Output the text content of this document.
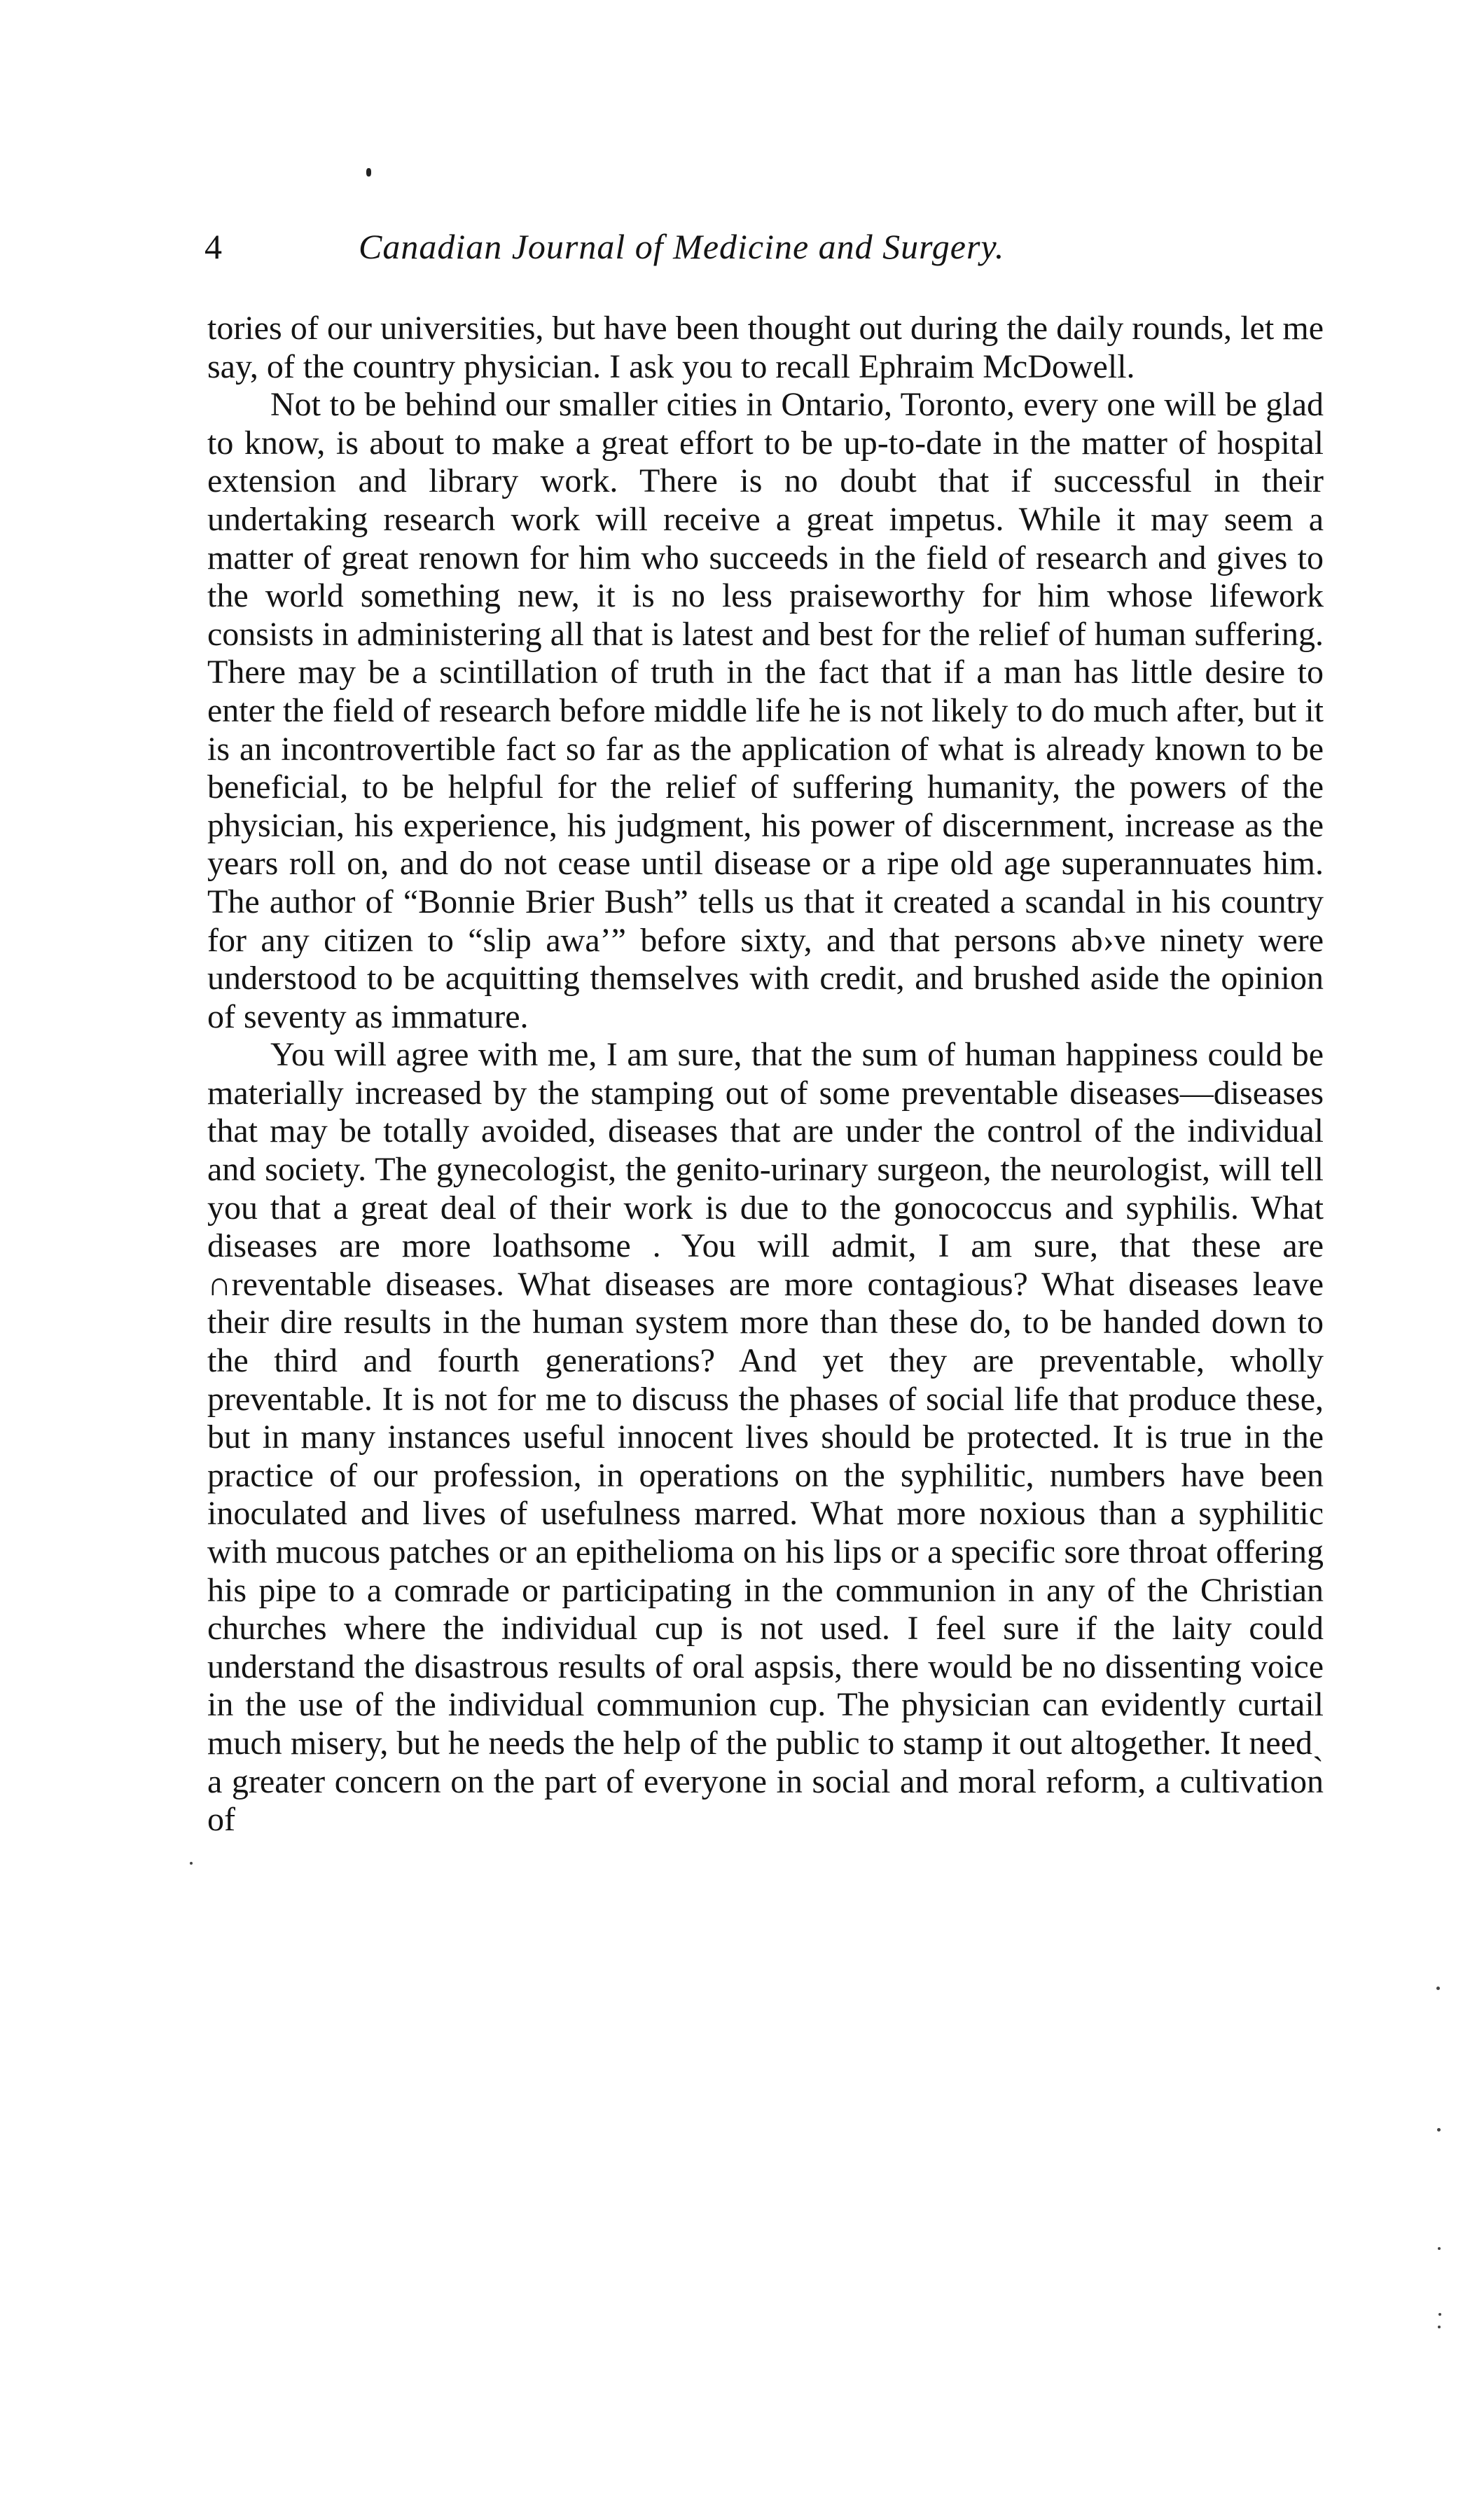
4	Canadian Journal of Medicine and Surgery.

tories of our universities, but have been thought out during the daily rounds, let me say, of the country physician. I ask you to recall Ephraim McDowell.

Not to be behind our smaller cities in Ontario, Toronto, every one will be glad to know, is about to make a great effort to be up-to-date in the matter of hospital extension and library work. There is no doubt that if successful in their undertaking research work will receive a great impetus. While it may seem a matter of great renown for him who succeeds in the field of research and gives to the world something new, it is no less praiseworthy for him whose lifework consists in administering all that is latest and best for the relief of human suffering. There may be a scintillation of truth in the fact that if a man has little desire to enter the field of research before middle life he is not likely to do much after, but it is an incontrovertible fact so far as the application of what is already known to be beneficial, to be helpful for the relief of suffering humanity, the powers of the physician, his experience, his judgment, his power of discernment, increase as the years roll on, and do not cease until disease or a ripe old age superannuates him. The author of “Bonnie Brier Bush” tells us that it created a scandal in his country for any citizen to “slip awa’” before sixty, and that persons ab›ve ninety were understood to be acquitting themselves with credit, and brushed aside the opinion of seventy as immature.

You will agree with me, I am sure, that the sum of human happiness could be materially increased by the stamping out of some preventable diseases—diseases that may be totally avoided, diseases that are under the control of the individual and society. The gynecologist, the genito-urinary surgeon, the neurologist, will tell you that a great deal of their work is due to the gonococcus and syphilis. What diseases are more loathsome . You will admit, I am sure, that these are ∩reventable diseases. What diseases are more contagious? What diseases leave their dire results in the human system more than these do, to be handed down to the third and fourth generations? And yet they are preventable, wholly preventable. It is not for me to discuss the phases of social life that produce these, but in many instances useful innocent lives should be protected. It is true in the practice of our profession, in operations on the syphilitic, numbers have been inoculated and lives of usefulness marred. What more noxious than a syphilitic with mucous patches or an epithelioma on his lips or a specific sore throat offering his pipe to a comrade or participating in the communion in any of the Christian churches where the individual cup is not used. I feel sure if the laity could understand the disastrous results of oral aspsis, there would be no dissenting voice in the use of the individual communion cup. The physician can evidently curtail much misery, but he needs the help of the public to stamp it out altogether. It needˎ a greater concern on the part of everyone in social and moral reform, a cultivation of
